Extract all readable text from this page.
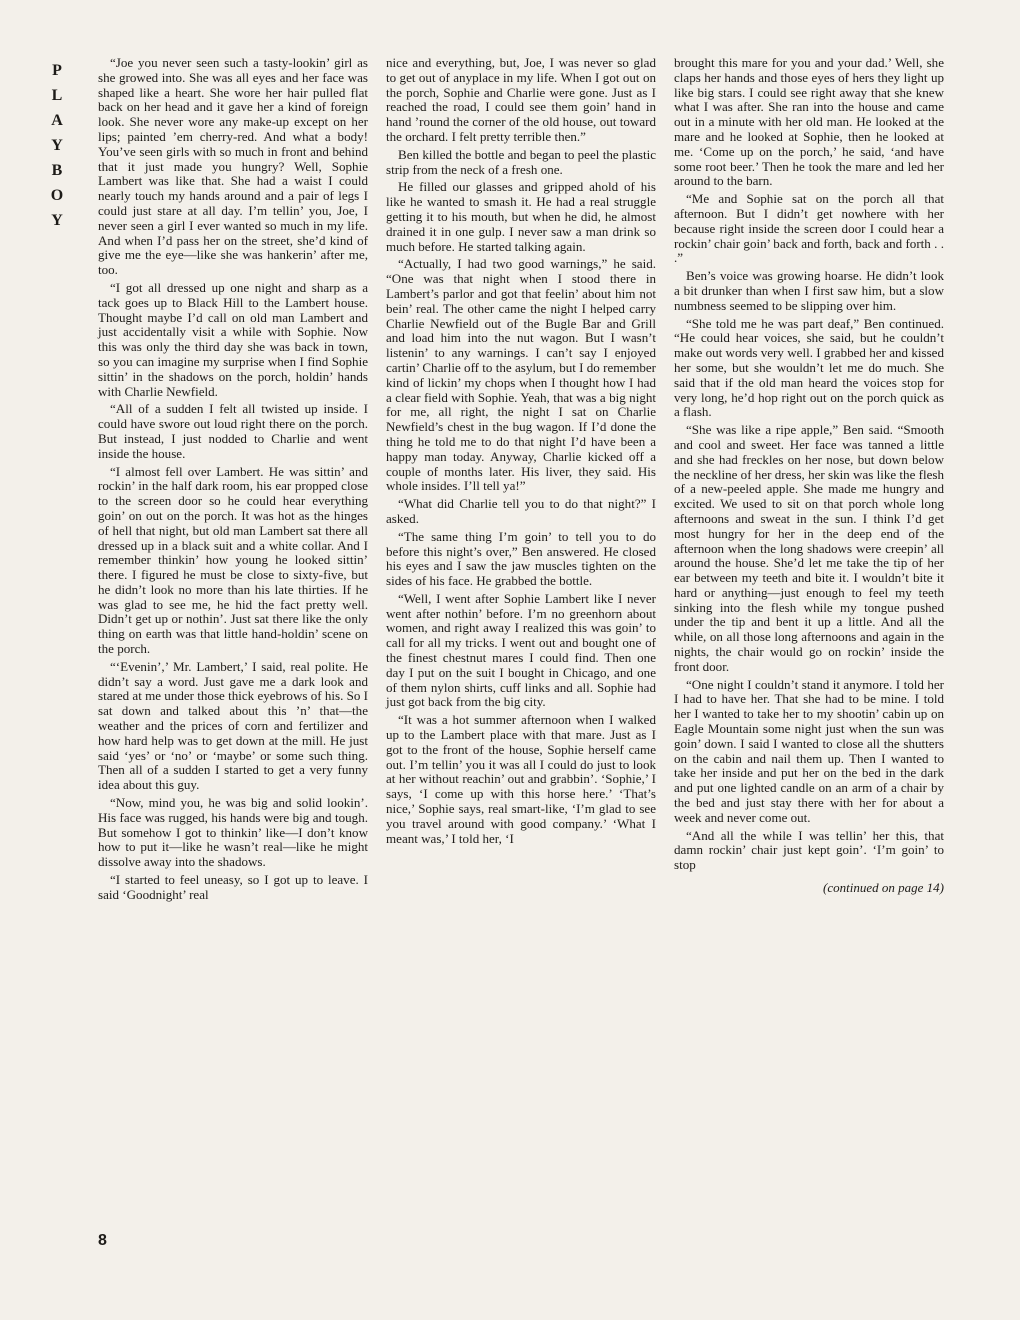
P
L
A
Y
B
O
Y

“Joe you never seen such a tasty-lookin’ girl as she growed into. She was all eyes and her face was shaped like a heart. She wore her hair pulled flat back on her head and it gave her a kind of foreign look. She never wore any make-up except on her lips; painted ’em cherry-red. And what a body! You’ve seen girls with so much in front and behind that it just made you hungry? Well, Sophie Lambert was like that. She had a waist I could nearly touch my hands around and a pair of legs I could just stare at all day. I’m tellin’ you, Joe, I never seen a girl I ever wanted so much in my life. And when I’d pass her on the street, she’d kind of give me the eye—like she was hankerin’ after me, too.

“I got all dressed up one night and sharp as a tack goes up to Black Hill to the Lambert house. Thought maybe I’d call on old man Lambert and just accidentally visit a while with Sophie. Now this was only the third day she was back in town, so you can imagine my surprise when I find Sophie sittin’ in the shadows on the porch, holdin’ hands with Charlie Newfield.

“All of a sudden I felt all twisted up inside. I could have swore out loud right there on the porch. But instead, I just nodded to Charlie and went inside the house.

“I almost fell over Lambert. He was sittin’ and rockin’ in the half dark room, his ear propped close to the screen door so he could hear everything goin’ on out on the porch. It was hot as the hinges of hell that night, but old man Lambert sat there all dressed up in a black suit and a white collar. And I remember thinkin’ how young he looked sittin’ there. I figured he must be close to sixty-five, but he didn’t look no more than his late thirties. If he was glad to see me, he hid the fact pretty well. Didn’t get up or nothin’. Just sat there like the only thing on earth was that little hand-holdin’ scene on the porch.

“‘Evenin’,’ Mr. Lambert,’ I said, real polite. He didn’t say a word. Just gave me a dark look and stared at me under those thick eyebrows of his. So I sat down and talked about this ’n’ that—the weather and the prices of corn and fertilizer and how hard help was to get down at the mill. He just said ‘yes’ or ‘no’ or ‘maybe’ or some such thing. Then all of a sudden I started to get a very funny idea about this guy.

“Now, mind you, he was big and solid lookin’. His face was rugged, his hands were big and tough. But somehow I got to thinkin’ like—I don’t know how to put it—like he wasn’t real—like he might dissolve away into the shadows.

“I started to feel uneasy, so I got up to leave. I said ‘Goodnight’ real

nice and everything, but, Joe, I was never so glad to get out of anyplace in my life. When I got out on the porch, Sophie and Charlie were gone. Just as I reached the road, I could see them goin’ hand in hand ’round the corner of the old house, out toward the orchard. I felt pretty terrible then.”

Ben killed the bottle and began to peel the plastic strip from the neck of a fresh one.

He filled our glasses and gripped ahold of his like he wanted to smash it. He had a real struggle getting it to his mouth, but when he did, he almost drained it in one gulp. I never saw a man drink so much before. He started talking again.

“Actually, I had two good warnings,” he said. “One was that night when I stood there in Lambert’s parlor and got that feelin’ about him not bein’ real. The other came the night I helped carry Charlie Newfield out of the Bugle Bar and Grill and load him into the nut wagon. But I wasn’t listenin’ to any warnings. I can’t say I enjoyed cartin’ Charlie off to the asylum, but I do remember kind of lickin’ my chops when I thought how I had a clear field with Sophie. Yeah, that was a big night for me, all right, the night I sat on Charlie Newfield’s chest in the bug wagon. If I’d done the thing he told me to do that night I’d have been a happy man today. Anyway, Charlie kicked off a couple of months later. His liver, they said. His whole insides. I’ll tell ya!”

“What did Charlie tell you to do that night?” I asked.

“The same thing I’m goin’ to tell you to do before this night’s over,” Ben answered. He closed his eyes and I saw the jaw muscles tighten on the sides of his face. He grabbed the bottle.

“Well, I went after Sophie Lambert like I never went after nothin’ before. I’m no greenhorn about women, and right away I realized this was goin’ to call for all my tricks. I went out and bought one of the finest chestnut mares I could find. Then one day I put on the suit I bought in Chicago, and one of them nylon shirts, cuff links and all. Sophie had just got back from the big city.

“It was a hot summer afternoon when I walked up to the Lambert place with that mare. Just as I got to the front of the house, Sophie herself came out. I’m tellin’ you it was all I could do just to look at her without reachin’ out and grabbin’. ‘Sophie,’ I says, ‘I come up with this horse here.’ ‘That’s nice,’ Sophie says, real smart-like, ‘I’m glad to see you travel around with good company.’ ‘What I meant was,’ I told her, ‘I

brought this mare for you and your dad.’ Well, she claps her hands and those eyes of hers they light up like big stars. I could see right away that she knew what I was after. She ran into the house and came out in a minute with her old man. He looked at the mare and he looked at Sophie, then he looked at me. ‘Come up on the porch,’ he said, ‘and have some root beer.’ Then he took the mare and led her around to the barn.

“Me and Sophie sat on the porch all that afternoon. But I didn’t get nowhere with her because right inside the screen door I could hear a rockin’ chair goin’ back and forth, back and forth . . .”

Ben’s voice was growing hoarse. He didn’t look a bit drunker than when I first saw him, but a slow numbness seemed to be slipping over him.

“She told me he was part deaf,” Ben continued. “He could hear voices, she said, but he couldn’t make out words very well. I grabbed her and kissed her some, but she wouldn’t let me do much. She said that if the old man heard the voices stop for very long, he’d hop right out on the porch quick as a flash.

“She was like a ripe apple,” Ben said. “Smooth and cool and sweet. Her face was tanned a little and she had freckles on her nose, but down below the neckline of her dress, her skin was like the flesh of a new-peeled apple. She made me hungry and excited. We used to sit on that porch whole long afternoons and sweat in the sun. I think I’d get most hungry for her in the deep end of the afternoon when the long shadows were creepin’ all around the house. She’d let me take the tip of her ear between my teeth and bite it. I wouldn’t bite it hard or anything—just enough to feel my teeth sinking into the flesh while my tongue pushed under the tip and bent it up a little. And all the while, on all those long afternoons and again in the nights, the chair would go on rockin’ inside the front door.

“One night I couldn’t stand it anymore. I told her I had to have her. That she had to be mine. I told her I wanted to take her to my shootin’ cabin up on Eagle Mountain some night just when the sun was goin’ down. I said I wanted to close all the shutters on the cabin and nail them up. Then I wanted to take her inside and put her on the bed in the dark and put one lighted candle on an arm of a chair by the bed and just stay there with her for about a week and never come out.

“And all the while I was tellin’ her this, that damn rockin’ chair just kept goin’. ‘I’m goin’ to stop

(continued on page 14)
8
